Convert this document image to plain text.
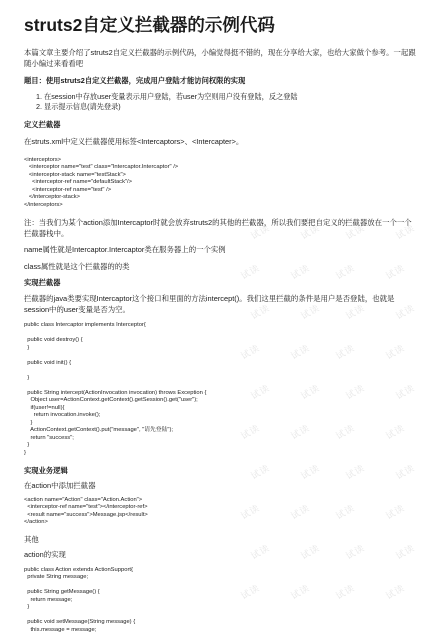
试读	试读	试读	试读
试读	试读	试读	试读
试读	试读	试读	试读
试读	试读	试读	试读
试读	试读	试读	试读
试读	试读	试读	试读
试读	试读	试读	试读
试读	试读	试读	试读
试读	试读	试读	试读
试读	试读	试读	试读
struts2自定义拦截器的示例代码

本篇文章主要介绍了struts2自定义拦截器的示例代码，小编觉得挺不错的，现在分享给大家，也给大家做个参考。一起跟随小编过来看看吧

题目：使用struts2自定义拦截器，完成用户登陆才能访问权限的实现

1. 在session中存放user变量表示用户登陆，若user为空则用户没有登陆，反之登陆
2. 显示提示信息(请先登录)

定义拦截器

在struts.xml中定义拦截器使用标签<Intercaptors>、<Intercapter>。

<interceptors>
<interceptor name="test" class="Intercaptor.Intercaptor" />
<interceptor-stack name="testStack">
<interceptor-ref name="defaultStack"/>
<interceptor-ref name="test" />
</interceptor-stack>
</interceptors>

注：当我们为某个action添加Intercaptor时就会放弃struts2的其他的拦截器，所以我们要把自定义的拦截器放在一个一个拦截器栈中。

name属性就是Intercaptor.Intercaptor类在服务器上的一个实例

class属性就是这个拦截器的的类

实现拦截器

拦截器的java类要实现Intercaptor这个接口和里面的方法intercept()。我们这里拦截的条件是用户是否登陆，也就是session中的user变量是否为空。

public class Intercaptor implements Interceptor{

public void destroy() {
}

public void init() {

}

public String intercept(ActionInvocation invocation) throws Exception {
Object user=ActionContext.getContext().getSession().get("user");
if(user!=null){
return invocation.invoke();
}
ActionContext.getContext().put("message", "请先登陆");
return "success";
}
}

实现业务逻辑

在action中添加拦截器

<action name="Action" class="Action.Action">
<interceptor-ref name="test"></interceptor-ref>
<result name="success">Message.jsp</result>
</action>

其他

action的实现

public class Action extends ActionSupport{
private String message;

public String getMessage() {
return message;
}

public void setMessage(String message) {
this.message = message;
